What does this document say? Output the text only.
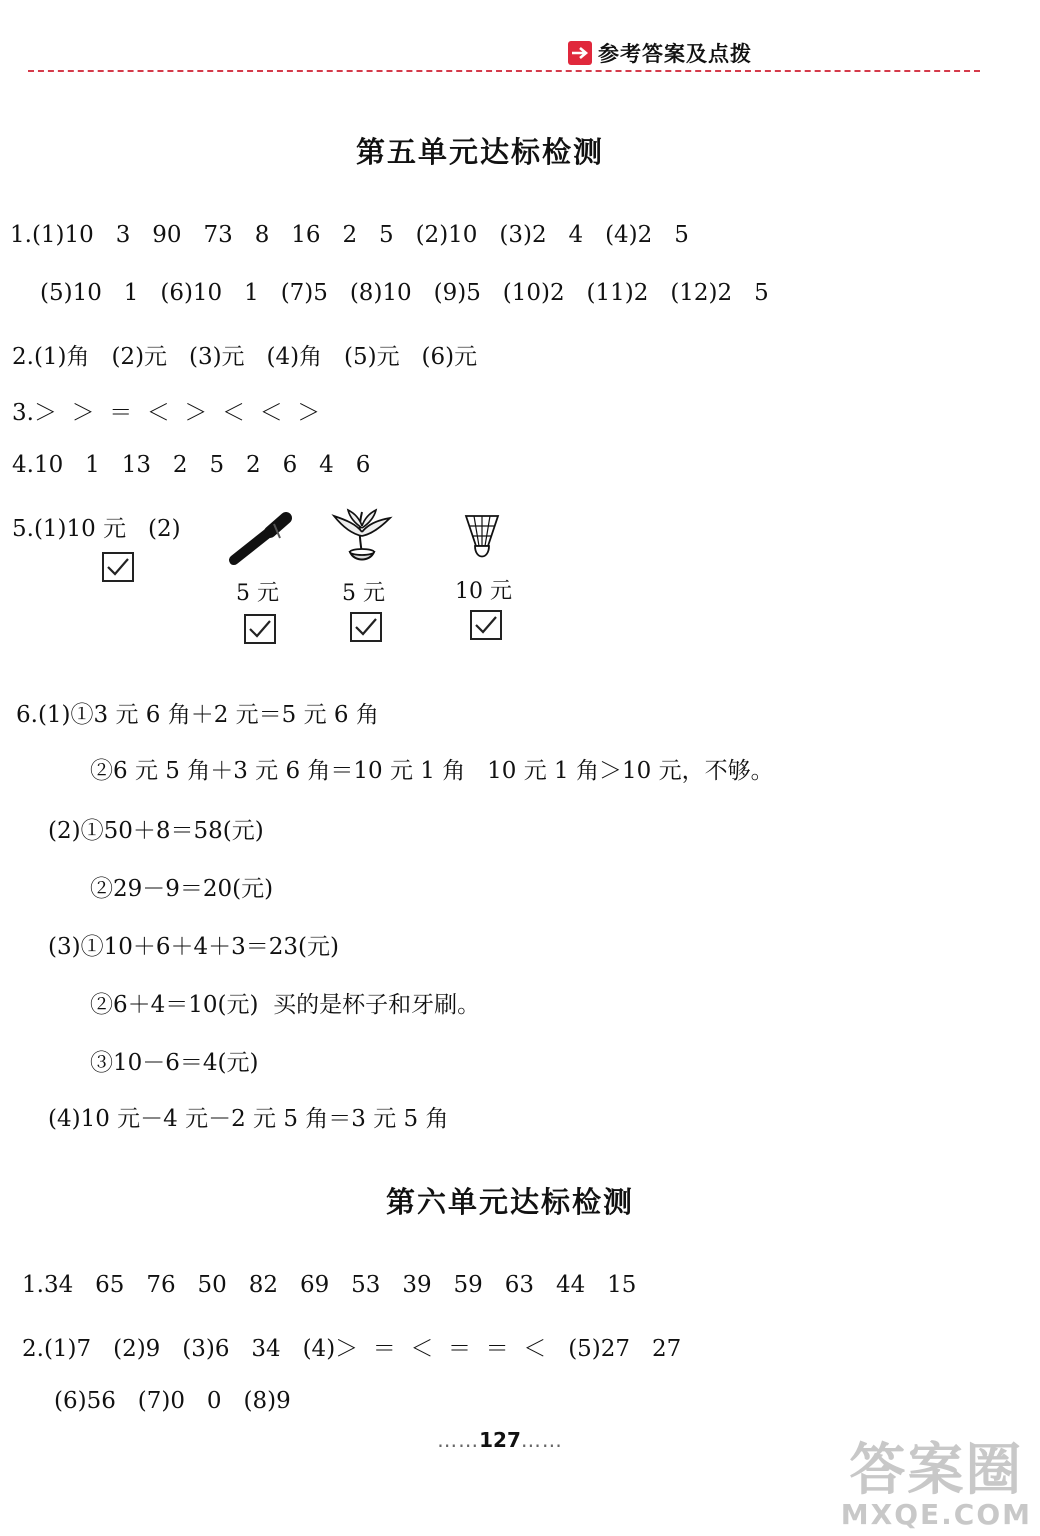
参考答案及点拨
第五单元达标检测
1.(1)10   3   90   73   8   16   2   5   (2)10   (3)2   4   (4)2   5
(5)10   1   (6)10   1   (7)5   (8)10   (9)5   (10)2   (11)2   (12)2   5
2.(1)角   (2)元   (3)元   (4)角   (5)元   (6)元
3.＞  ＞  ＝  ＜  ＞  ＜  ＜  ＞
4.10   1   13   2   5   2   6   4   6
5.(1)10 元   (2)
5 元	5 元	10 元
6.(1)①3 元 6 角＋2 元＝5 元 6 角
②6 元 5 角＋3 元 6 角＝10 元 1 角   10 元 1 角＞10 元，不够。
(2)①50＋8＝58(元)
②29－9＝20(元)
(3)①10＋6＋4＋3＝23(元)
②6＋4＝10(元)  买的是杯子和牙刷。
③10－6＝4(元)
(4)10 元－4 元－2 元 5 角＝3 元 5 角
第六单元达标检测
1.34   65   76   50   82   69   53   39   59   63   44   15
2.(1)7   (2)9   (3)6   34   (4)＞  ＝  ＜  ＝  ＝  ＜   (5)27   27
(6)56   (7)0   0   (8)9
……127……	答案圈
MXQE.COM
